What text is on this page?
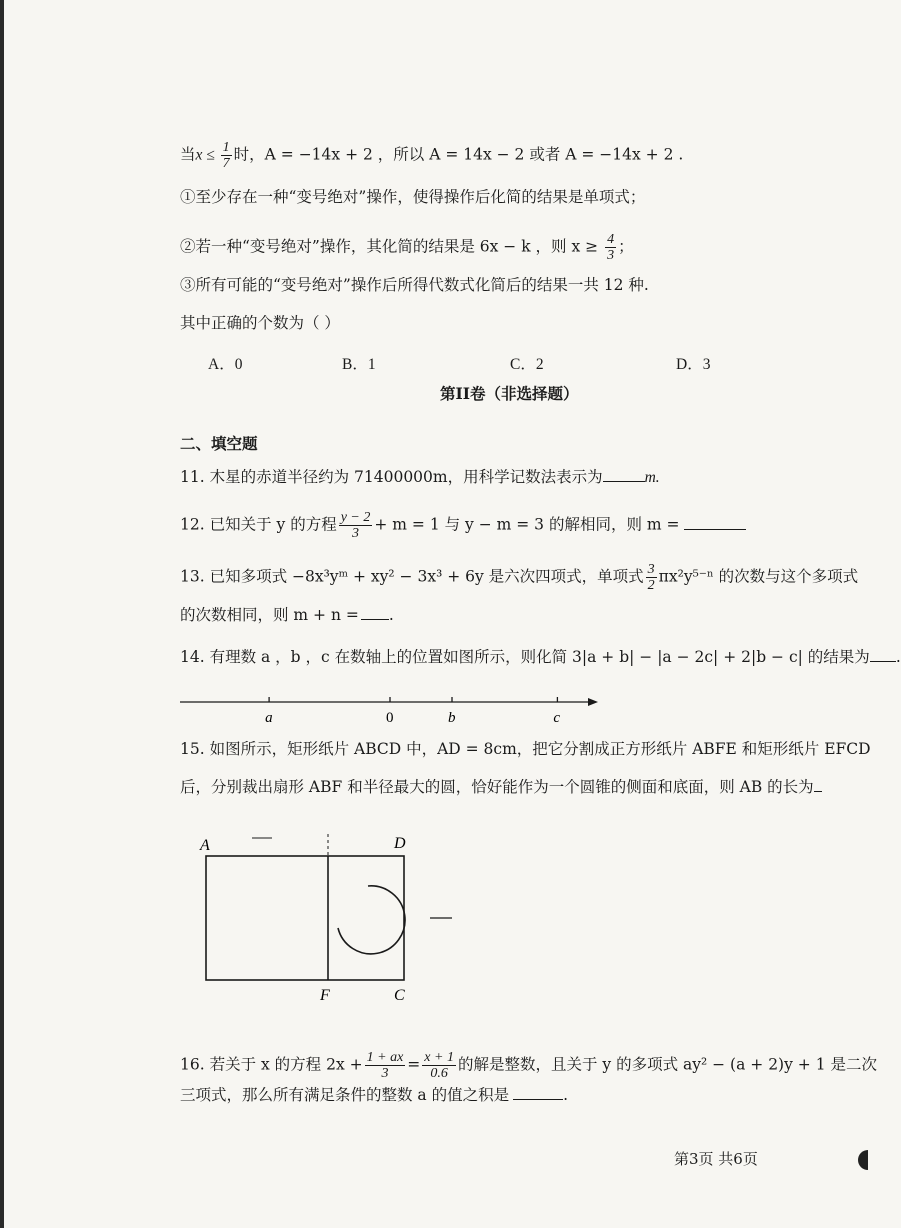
当$x \le \frac{1}{7}$ 时，A = −14x + 2 ，所以 A = 14x − 2 或者 A = −14x + 2 .
①至少存在一种“变号绝对”操作，使得操作后化简的结果是单项式；
②若一种“变号绝对”操作，其化简的结果是 6x − k ，则 $x \ge \frac{4}{3}$ ；
③所有可能的“变号绝对”操作后所得代数式化简后的结果一共 12 种.
其中正确的个数为（ ）
A．0	B．1	C．2	D．3
第II卷（非选择题）
二、填空题
11. 木星的赤道半径约为 71400000m，用科学记数法表示为	m.
12. 已知关于 y 的方程 $\frac{y - 2}{3} + m = 1$ 与 y − m = 3 的解相同，则 m =
13. 已知多项式 −8x³yᵐ + xy² − 3x³ + 6y 是六次四项式，单项式 $\frac{3}{2} \pi x^2y^{5-n}$ 的次数与这个多项式
的次数相同，则 m + n = .
14. 有理数 a ，b ，c 在数轴上的位置如图所示，则化简 3|a + b| − |a − 2c| + 2|b − c| 的结果为 .
a	0	b	c
15. 如图所示，矩形纸片 ABCD 中，AD = 8cm，把它分割成正方形纸片 ABFE 和矩形纸片 EFCD
后，分别裁出扇形 ABF 和半径最大的圆，恰好能作为一个圆锥的侧面和底面，则 AB 的长为
A	D
F	C
16. 若关于 x 的方程 $2x + \frac{1 + ax}{3} = \frac{x + 1}{0.6}$ 的解是整数，且关于 y 的多项式 ay² − (a + 2)y + 1 是二次
三项式，那么所有满足条件的整数 a 的值之积是	.
第3页 共6页
